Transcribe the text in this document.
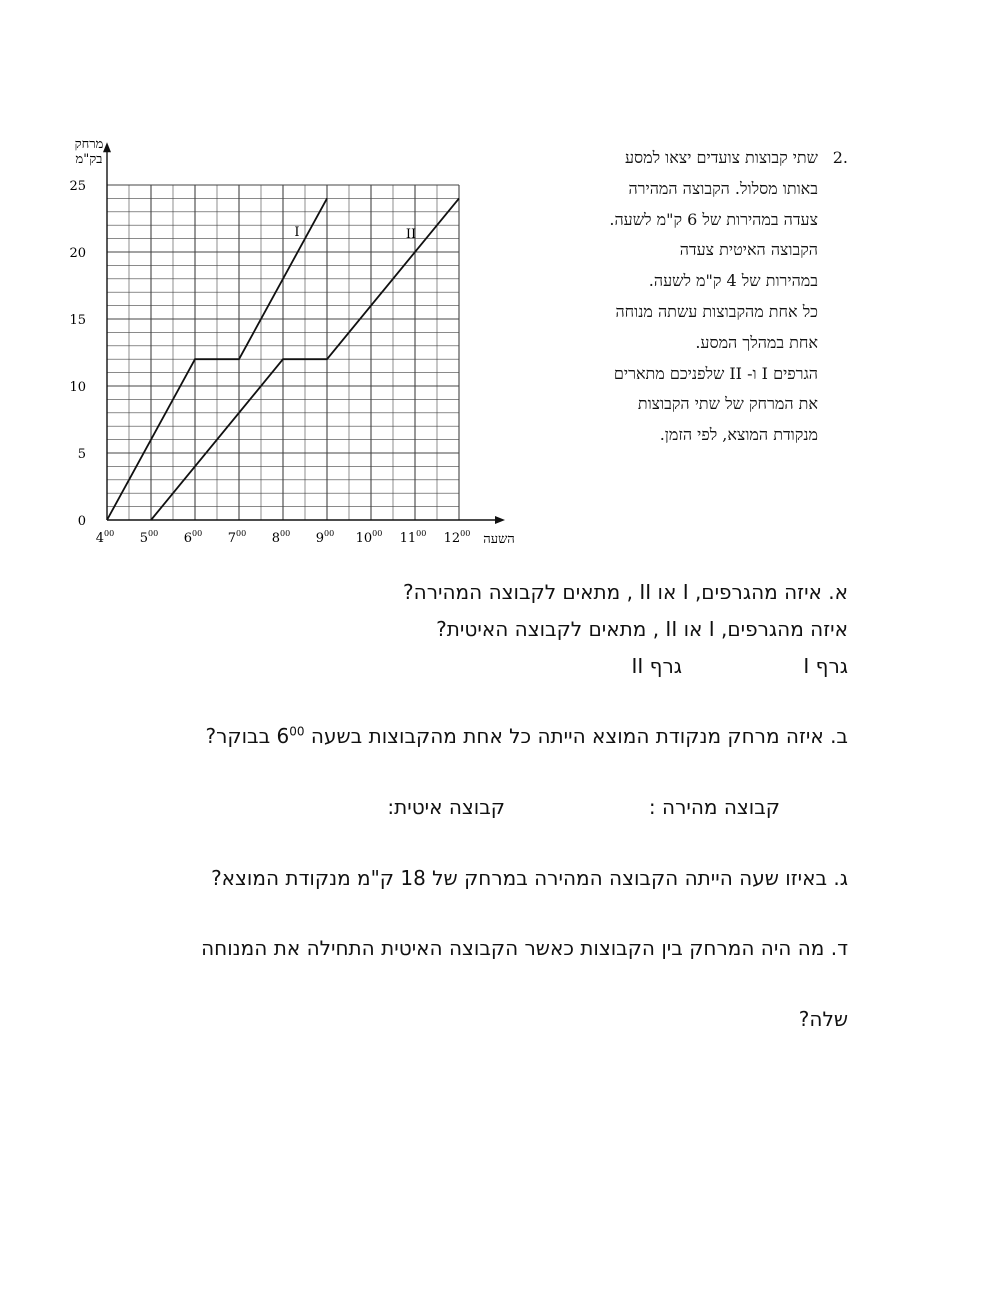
מרחק
בק"מ
השעה
0
5
10
15
20
25
$4^{00}$ $5^{00}$ $6^{00}$ $7^{00}$ $8^{00}$ $9^{00}$ $10^{00}$ $11^{00}$ $12^{00}$
I	II
2.
שתי קבוצות צועדים יצאו למסע
באותו מסלול. הקבוצה המהירה
צעדה במהירות של 6 ק"מ לשעה.
הקבוצה האיטית צעדה
במהירות של 4 ק"מ לשעה.
כל אחת מהקבוצות עשתה מנוחה
אחת במהלך המסע.
הגרפים I ו- II שלפניכם מתארים
את המרחק של שתי הקבוצות
מנקודת המוצא, לפי הזמן.
א. איזה מהגרפים, I או II , מתאים לקבוצה המהירה?
איזה מהגרפים, I או II , מתאים לקבוצה האיטית?
גרף I
גרף II
ב. איזה מרחק מנקודת המוצא הייתה כל אחת מהקבוצות בשעה $6^{00}$ בבוקר?
קבוצה מהירה :
קבוצה איטית:
ג. באיזו שעה הייתה הקבוצה המהירה במרחק של 18 ק"מ מנקודת המוצא?
ד. מה היה המרחק בין הקבוצות כאשר הקבוצה האיטית התחילה את המנוחה
שלה?
